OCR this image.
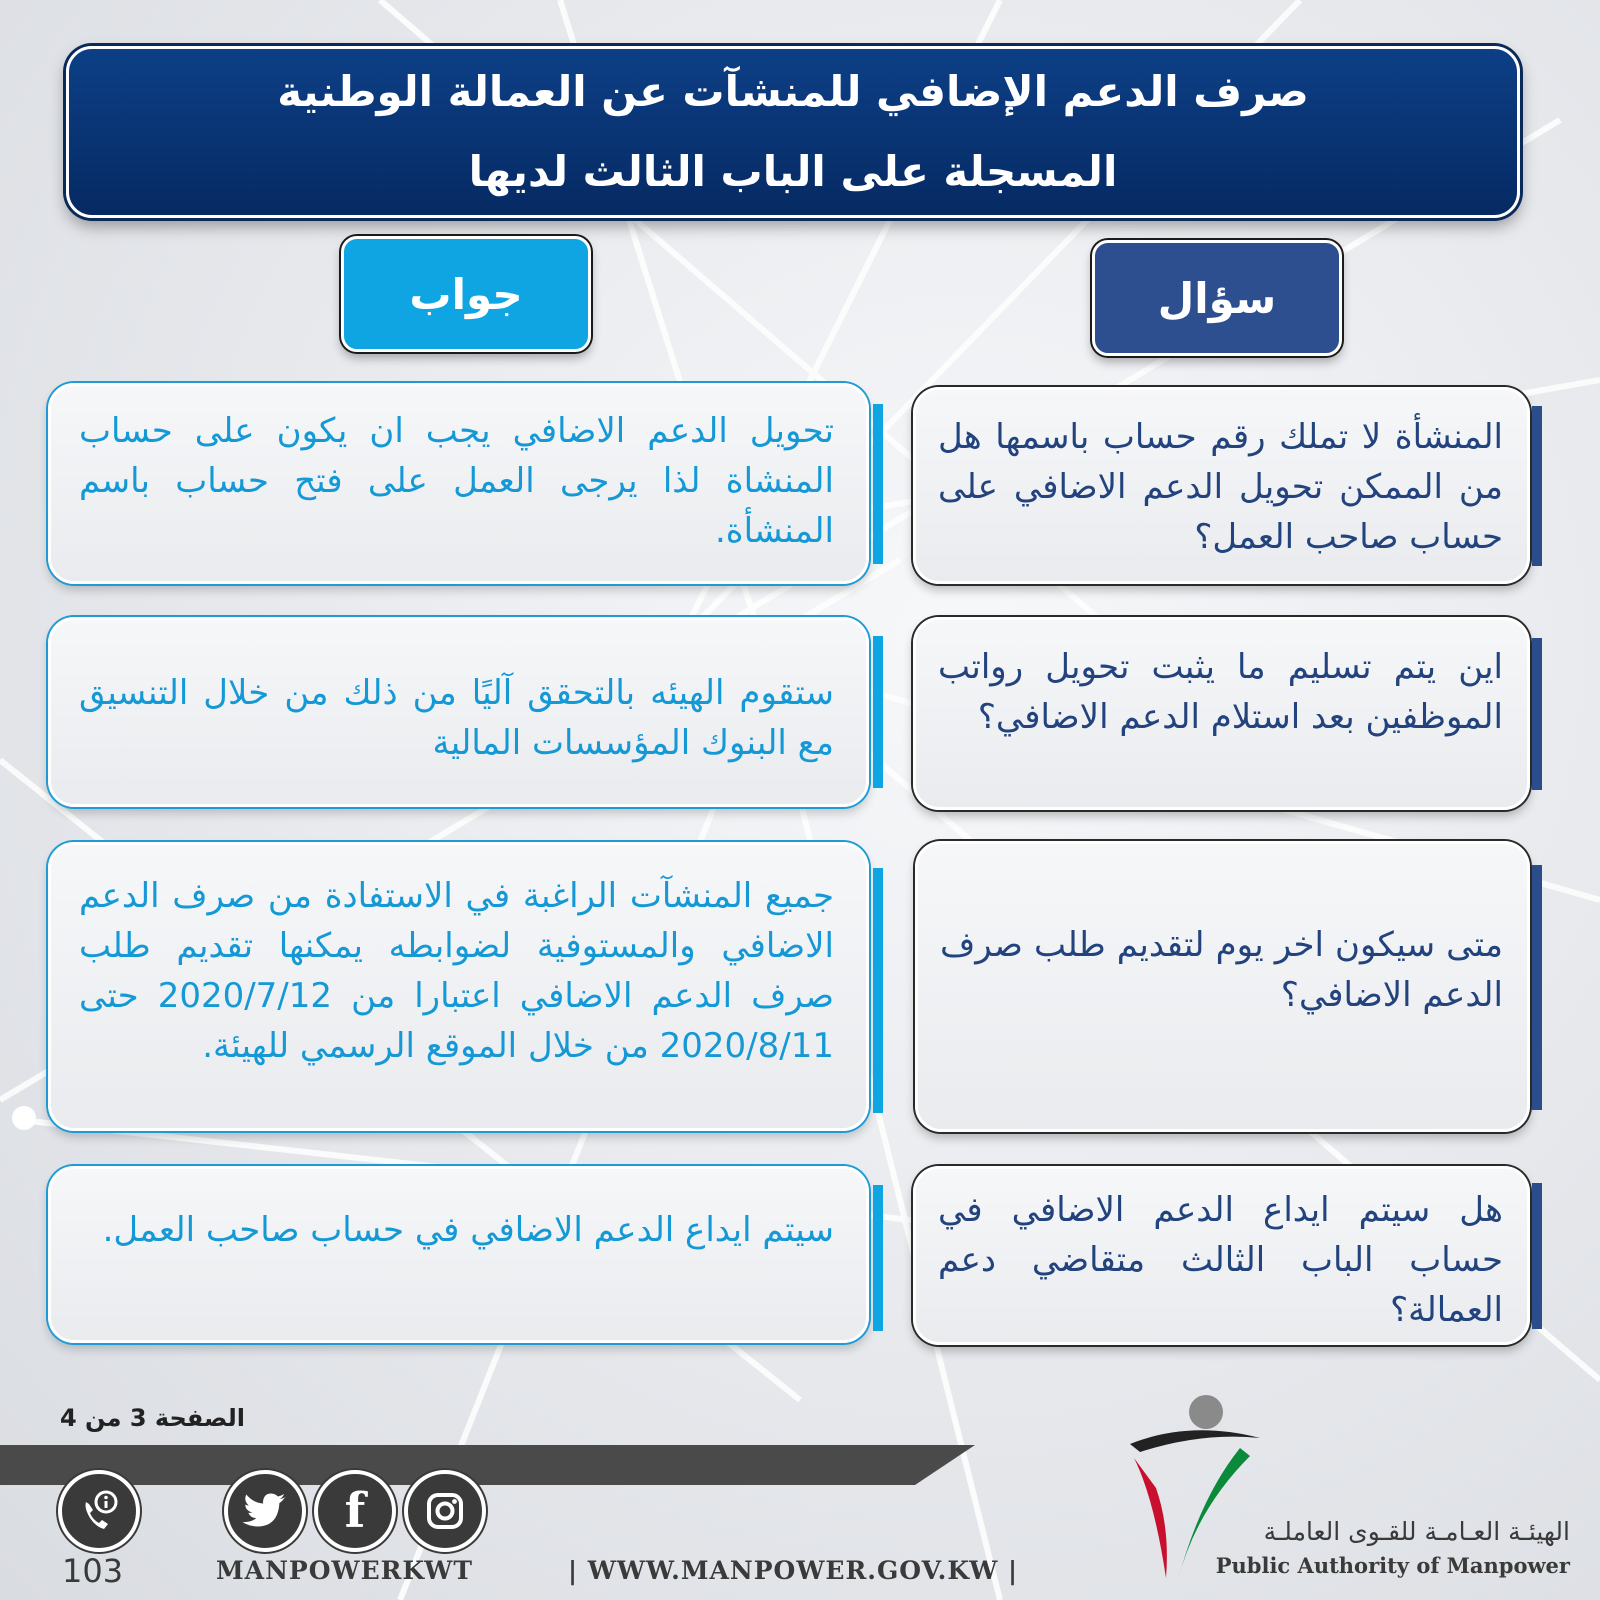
صرف الدعم الإضافي للمنشآت عن العمالة الوطنية
المسجلة على الباب الثالث لديها
سؤال
جواب
المنشأة لا تملك رقم حساب باسمها هل من الممكن تحويل الدعم الاضافي على حساب صاحب العمل؟
تحويل الدعم الاضافي يجب ان يكون على حساب المنشاة لذا يرجى العمل على فتح حساب باسم المنشأة.
اين يتم تسليم ما يثبت تحويل رواتب الموظفين بعد استلام الدعم الاضافي؟
ستقوم الهيئه بالتحقق آليًا من ذلك من خلال التنسيق مع البنوك المؤسسات المالية
متى سيكون اخر يوم لتقديم طلب صرف الدعم الاضافي؟
جميع المنشآت الراغبة في الاستفادة من صرف الدعم الاضافي والمستوفية لضوابطه يمكنها تقديم طلب صرف الدعم الاضافي اعتبارا من 2020/7/12 حتى 2020/8/11 من خلال الموقع الرسمي للهيئة.
هل سيتم ايداع الدعم الاضافي في حساب الباب الثالث متقاضي دعم العمالة؟
سيتم ايداع الدعم الاضافي في حساب صاحب العمل.
الصفحة 3 من 4
f
103	MANPOWERKWT	| WWW.MANPOWER.GOV.KW |
الهيئـة العـامـة للقـوى العاملـة
Public Authority of Manpower
